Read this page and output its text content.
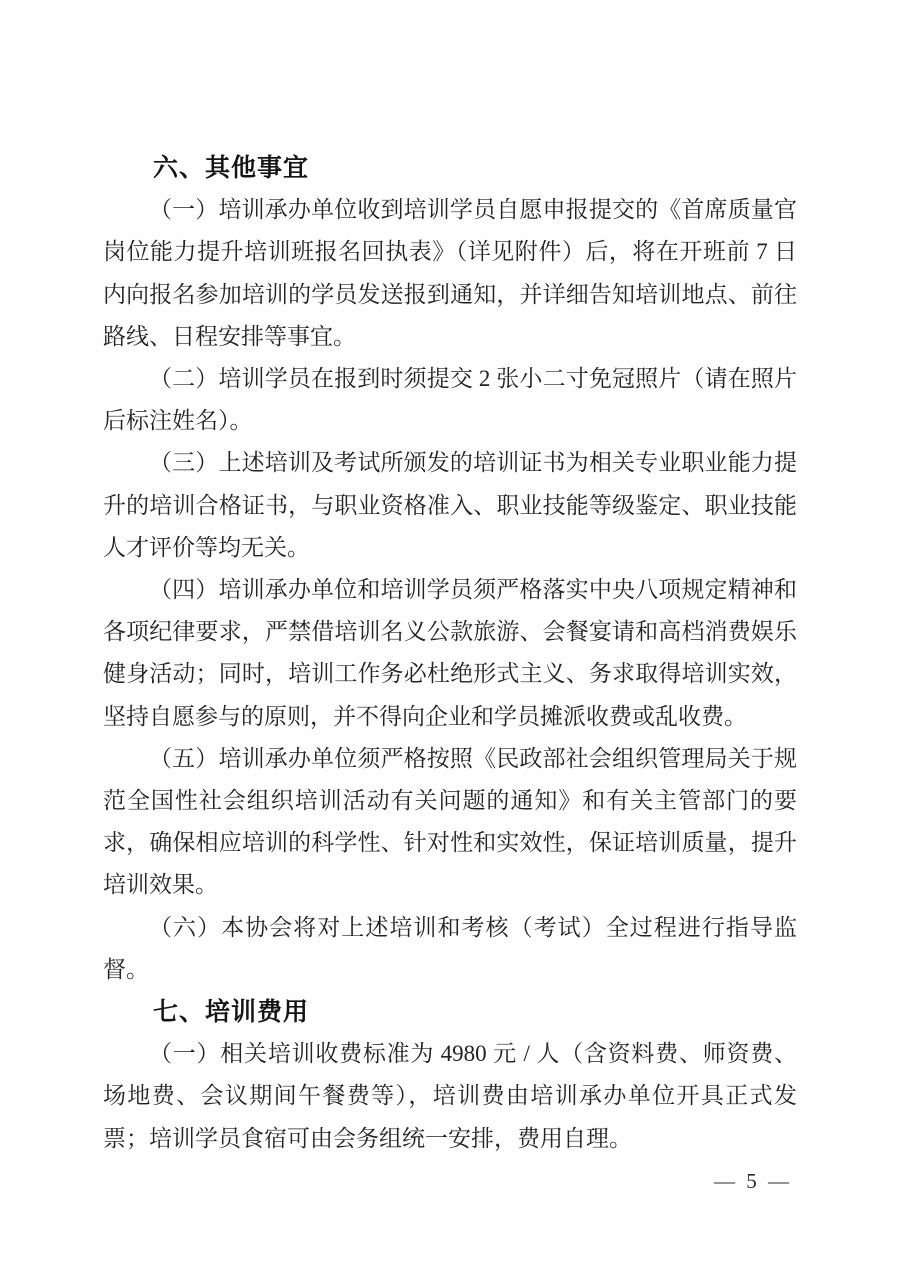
六、其他事宜

（一）培训承办单位收到培训学员自愿申报提交的《首席质量官岗位能力提升培训班报名回执表》（详见附件）后，将在开班前 7 日内向报名参加培训的学员发送报到通知，并详细告知培训地点、前往路线、日程安排等事宜。

（二）培训学员在报到时须提交 2 张小二寸免冠照片（请在照片后标注姓名）。

（三）上述培训及考试所颁发的培训证书为相关专业职业能力提升的培训合格证书，与职业资格准入、职业技能等级鉴定、职业技能人才评价等均无关。

（四）培训承办单位和培训学员须严格落实中央八项规定精神和各项纪律要求，严禁借培训名义公款旅游、会餐宴请和高档消费娱乐健身活动；同时，培训工作务必杜绝形式主义、务求取得培训实效，坚持自愿参与的原则，并不得向企业和学员摊派收费或乱收费。

（五）培训承办单位须严格按照《民政部社会组织管理局关于规范全国性社会组织培训活动有关问题的通知》和有关主管部门的要求，确保相应培训的科学性、针对性和实效性，保证培训质量，提升培训效果。

（六）本协会将对上述培训和考核（考试）全过程进行指导监督。

七、培训费用

（一）相关培训收费标准为 4980 元 / 人（含资料费、师资费、场地费、会议期间午餐费等），培训费由培训承办单位开具正式发票；培训学员食宿可由会务组统一安排，费用自理。

— 5 —
